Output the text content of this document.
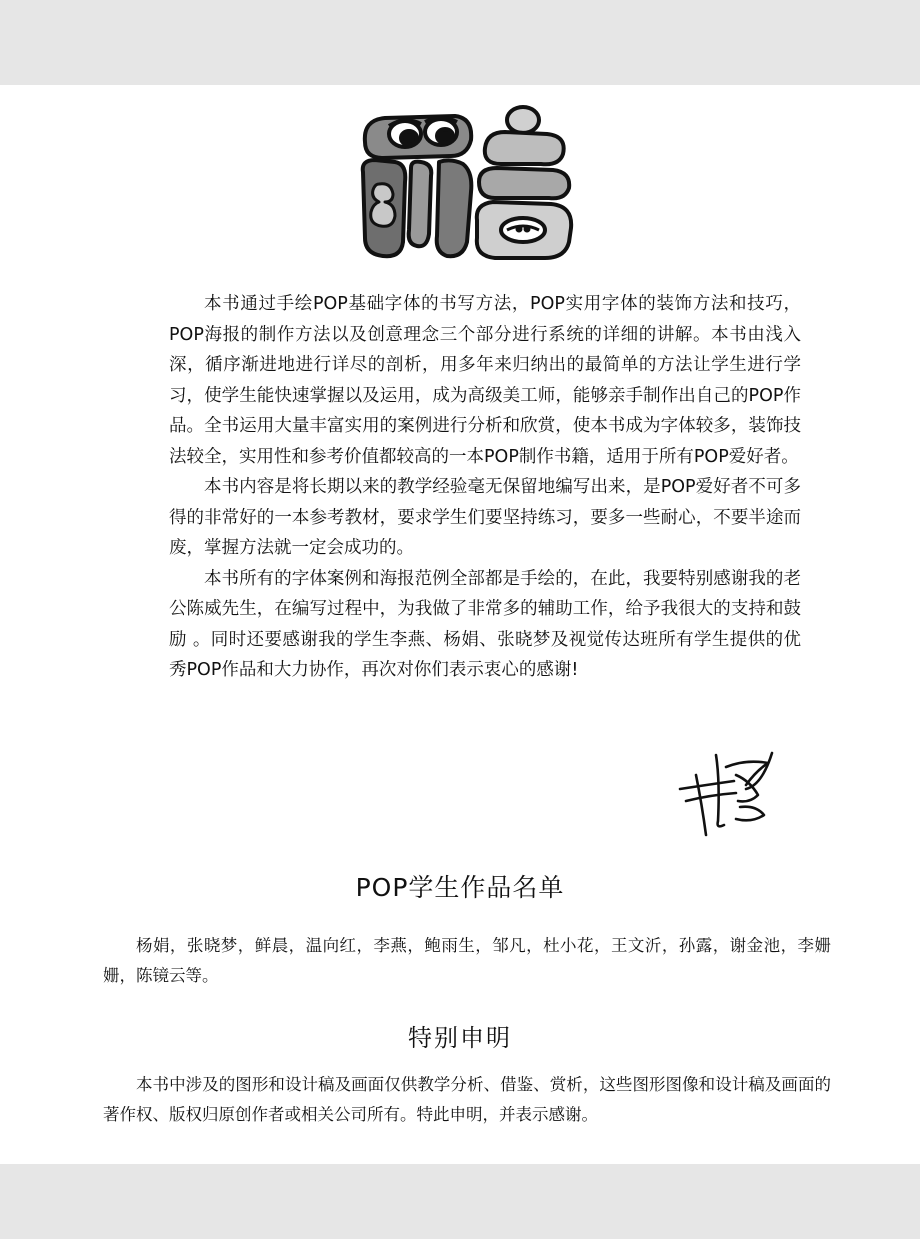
本书通过手绘POP基础字体的书写方法，POP实用字体的装饰方法和技巧，POP海报的制作方法以及创意理念三个部分进行系统的详细的讲解。本书由浅入深，循序渐进地进行详尽的剖析，用多年来归纳出的最简单的方法让学生进行学习，使学生能快速掌握以及运用，成为高级美工师，能够亲手制作出自己的POP作品。全书运用大量丰富实用的案例进行分析和欣赏，使本书成为字体较多，装饰技法较全，实用性和参考价值都较高的一本POP制作书籍，适用于所有POP爱好者。

本书内容是将长期以来的教学经验毫无保留地编写出来，是POP爱好者不可多得的非常好的一本参考教材，要求学生们要坚持练习，要多一些耐心，不要半途而废，掌握方法就一定会成功的。

本书所有的字体案例和海报范例全部都是手绘的，在此，我要特别感谢我的老公陈威先生，在编写过程中，为我做了非常多的辅助工作，给予我很大的支持和鼓励 。同时还要感谢我的学生李燕、杨娟、张晓梦及视觉传达班所有学生提供的优秀POP作品和大力协作，再次对你们表示衷心的感谢!

POP学生作品名单
杨娟，张晓梦，鲜晨，温向红，李燕，鲍雨生，邹凡，杜小花，王文沂，孙露，谢金池，李姗姗，陈镜云等。
特别申明
本书中涉及的图形和设计稿及画面仅供教学分析、借鉴、赏析，这些图形图像和设计稿及画面的著作权、版权归原创作者或相关公司所有。特此申明，并表示感谢。
